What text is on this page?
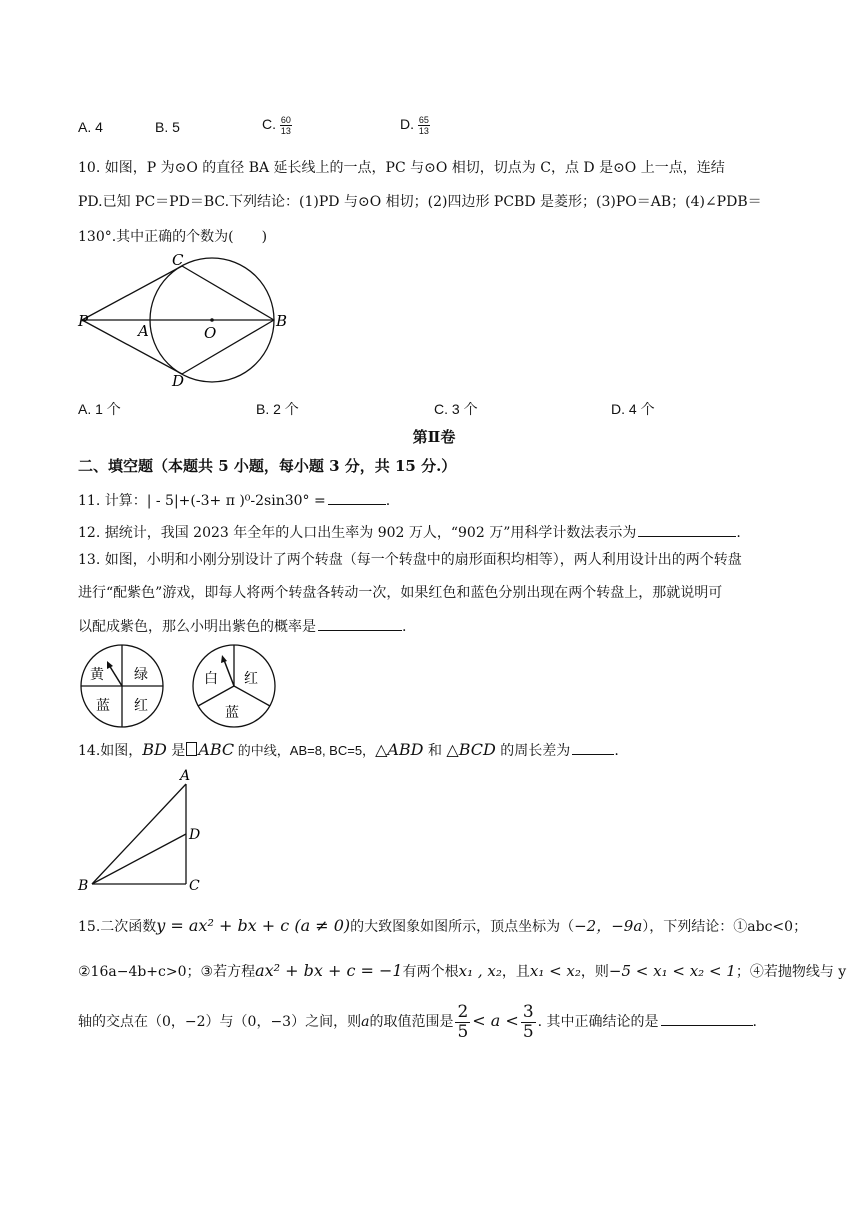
A. 4	B. 5	C. $\frac{60}{13}$	D. $\frac{65}{13}$
10. 如图，P 为⊙O 的直径 BA 延长线上的一点，PC 与⊙O 相切，切点为 C，点 D 是⊙O 上一点，连结
PD.已知 PC＝PD＝BC.下列结论：(1)PD 与⊙O 相切；(2)四边形 PCBD 是菱形；(3)PO＝AB；(4)∠PDB＝
130°.其中正确的个数为(　　)
C
P
A	O
B
D
A. 1 个	B. 2 个	C. 3 个	D. 4 个
第Ⅱ卷
二、填空题（本题共 5 小题，每小题 3 分，共 15 分.）
11. 计算：| - 5|+(-3+ π )⁰-2sin30° =	.
12. 据统计，我国 2023 年全年的人口出生率为 902 万人，“902 万”用科学计数法表示为	.
13. 如图，小明和小刚分别设计了两个转盘（每一个转盘中的扇形面积均相等），两人利用设计出的两个转盘
进行“配紫色”游戏，即每人将两个转盘各转动一次，如果红色和蓝色分别出现在两个转盘上，那就说明可
以配成紫色，那么小明出紫色的概率是	.
黄 绿
蓝 红
白 红
蓝
14.如图，BD 是 ABC 的中线，AB=8, BC=5，△ABD 和 △BCD 的周长差为	.
A
D
B	C
15.二次函数y = ax² + bx + c (a ≠ 0)的大致图象如图所示，顶点坐标为（−2，−9a），下列结论：①abc<0；
②16a−4b+c>0；③若方程ax² + bx + c = −1有两个根x₁ , x₂，且x₁ < x₂，则−5 < x₁ < x₂ < 1；④若抛物线与 y
轴的交点在（0，−2）与（0，−3）之间，则a的取值范围是 $\frac{2}{5} < a < \frac{3}{5}$ . 其中正确结论的是	.
